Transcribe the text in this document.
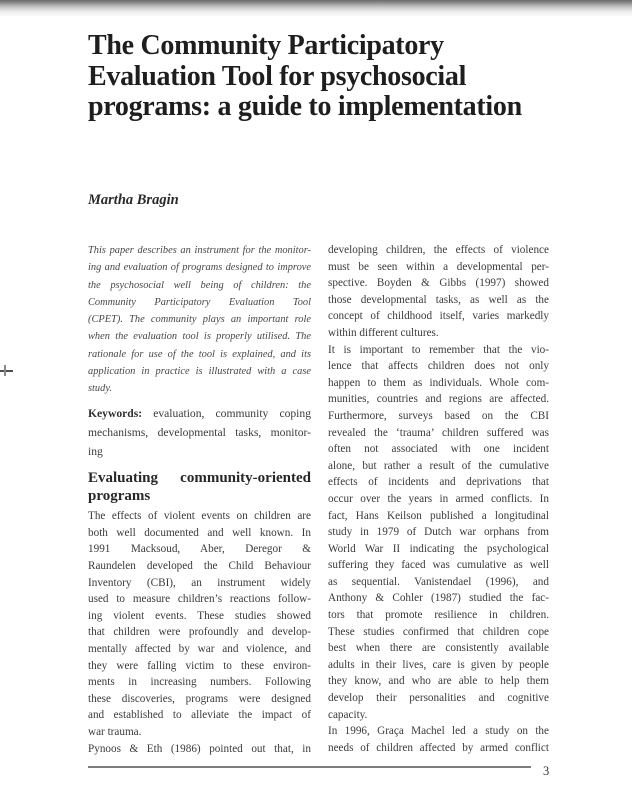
The Community Participatory
Evaluation Tool for psychosocial
programs: a guide to implementation
Martha Bragin
This paper describes an instrument for the monitor-
ing and evaluation of programs designed to improve
the psychosocial well being of children: the
Community Participatory Evaluation Tool
(CPET). The community plays an important role
when the evaluation tool is properly utilised. The
rationale for use of the tool is explained, and its
application in practice is illustrated with a case
study.
Keywords: evaluation, community coping
mechanisms, developmental tasks, monitor-
ing
Evaluating community-oriented
programs
The effects of violent events on children are
both well documented and well known. In
1991 Macksoud, Aber, Deregor &
Raundelen developed the Child Behaviour
Inventory (CBI), an instrument widely
used to measure children’s reactions follow-
ing violent events. These studies showed
that children were profoundly and develop-
mentally affected by war and violence, and
they were falling victim to these environ-
ments in increasing numbers. Following
these discoveries, programs were designed
and established to alleviate the impact of
war trauma.
Pynoos & Eth (1986) pointed out that, in
developing children, the effects of violence
must be seen within a developmental per-
spective. Boyden & Gibbs (1997) showed
those developmental tasks, as well as the
concept of childhood itself, varies markedly
within different cultures.
It is important to remember that the vio-
lence that affects children does not only
happen to them as individuals. Whole com-
munities, countries and regions are affected.
Furthermore, surveys based on the CBI
revealed the ‘trauma’ children suffered was
often not associated with one incident
alone, but rather a result of the cumulative
effects of incidents and deprivations that
occur over the years in armed conflicts. In
fact, Hans Keilson published a longitudinal
study in 1979 of Dutch war orphans from
World War II indicating the psychological
suffering they faced was cumulative as well
as sequential. Vanistendael (1996), and
Anthony & Cohler (1987) studied the fac-
tors that promote resilience in children.
These studies confirmed that children cope
best when there are consistently available
adults in their lives, care is given by people
they know, and who are able to help them
develop their personalities and cognitive
capacity.
In 1996, Graça Machel led a study on the
needs of children affected by armed conflict
3
